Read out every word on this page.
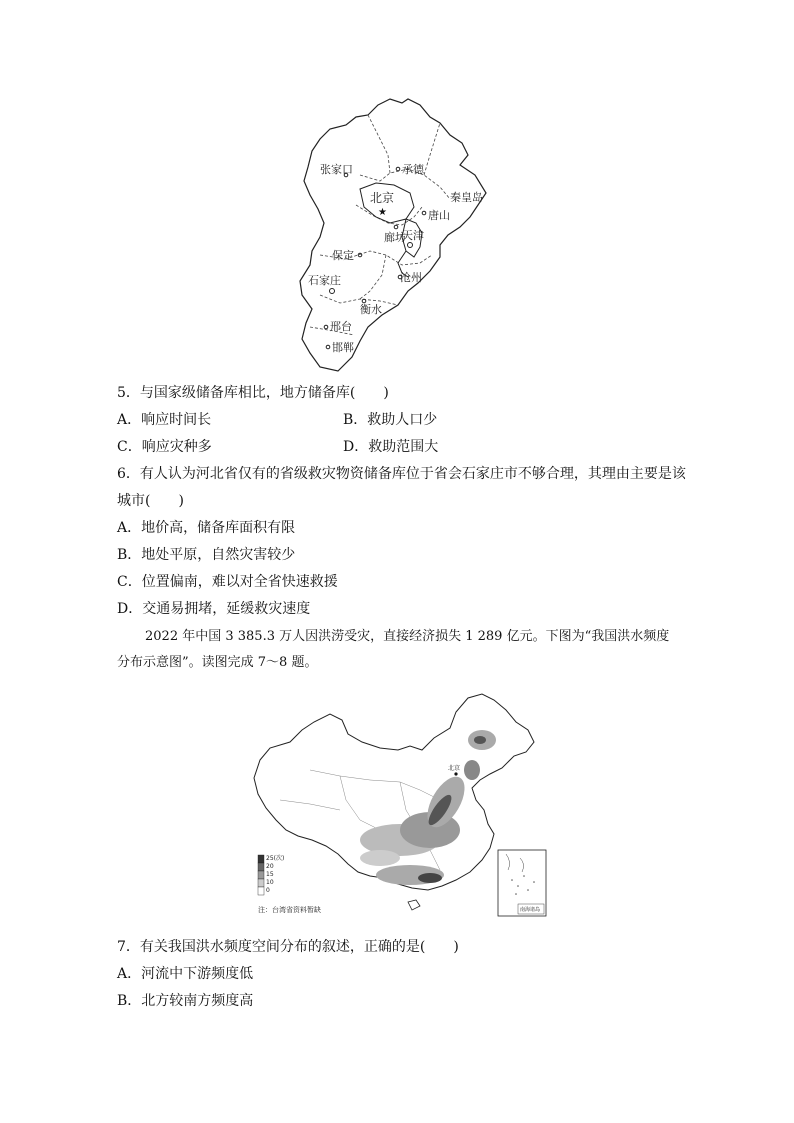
张家口	承德
北京
★
秦皇岛
唐山
廊坊
天津
保定
石家庄	沧州
衡水
邢台
邯郸
5．与国家级储备库相比，地方储备库(　　)
A．响应时间长	B．救助人口少
C．响应灾种多	D．救助范围大
6．有人认为河北省仅有的省级救灾物资储备库位于省会石家庄市不够合理，其理由主要是该
城市(　　)
A．地价高，储备库面积有限
B．地处平原，自然灾害较少
C．位置偏南，难以对全省快速救援
D．交通易拥堵，延缓救灾速度
2022 年中国 3 385.3 万人因洪涝受灾，直接经济损失 1 289 亿元。下图为“我国洪水频度
分布示意图”。读图完成 7～8 题。
北京
25(次)
20
15
10
0
注：台湾省资料暂缺	南海诸岛
7．有关我国洪水频度空间分布的叙述，正确的是(　　)
A．河流中下游频度低
B．北方较南方频度高
